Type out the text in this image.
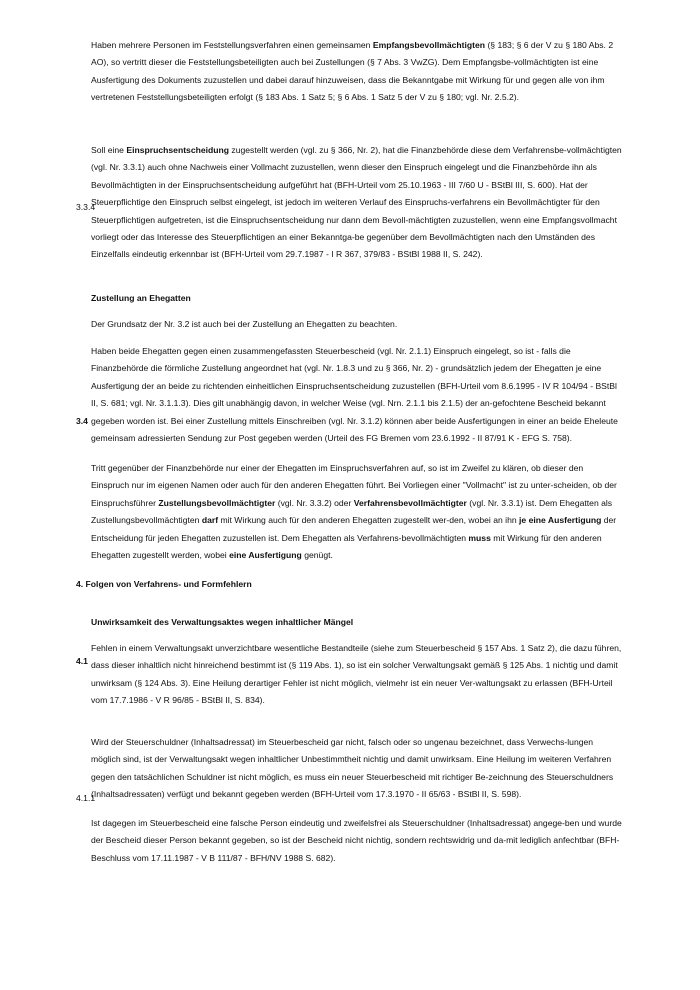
Haben mehrere Personen im Feststellungsverfahren einen gemeinsamen Empfangsbevollmächtigten (§ 183; § 6 der V zu § 180 Abs. 2 AO), so vertritt dieser die Feststellungsbeteiligten auch bei Zustellungen (§ 7 Abs. 3 VwZG). Dem Empfangsbe-vollmächtigten ist eine Ausfertigung des Dokuments zuzustellen und dabei darauf hinzuweisen, dass die Bekanntgabe mit Wirkung für und gegen alle von ihm vertretenen Feststellungsbeteiligten erfolgt (§ 183 Abs. 1 Satz 5; § 6 Abs. 1 Satz 5 der V zu § 180; vgl. Nr. 2.5.2).

3.3.4

Soll eine Einspruchsentscheidung zugestellt werden (vgl. zu § 366, Nr. 2), hat die Finanzbehörde diese dem Verfahrensbe-vollmächtigten (vgl. Nr. 3.3.1) auch ohne Nachweis einer Vollmacht zuzustellen, wenn dieser den Einspruch eingelegt und die Finanzbehörde ihn als Bevollmächtigten in der Einspruchsentscheidung aufgeführt hat (BFH-Urteil vom 25.10.1963 - III 7/60 U - BStBl III, S. 600). Hat der Steuerpflichtige den Einspruch selbst eingelegt, ist jedoch im weiteren Verlauf des Einspruchs-verfahrens ein Bevollmächtigter für den Steuerpflichtigen aufgetreten, ist die Einspruchsentscheidung nur dann dem Bevoll-mächtigten zuzustellen, wenn eine Empfangsvollmacht vorliegt oder das Interesse des Steuerpflichtigen an einer Bekanntga-be gegenüber dem Bevollmächtigten nach den Umständen des Einzelfalls eindeutig erkennbar ist (BFH-Urteil vom 29.7.1987 - I R 367, 379/83 - BStBl 1988 II, S. 242).

Zustellung an Ehegatten

Der Grundsatz der Nr. 3.2 ist auch bei der Zustellung an Ehegatten zu beachten.

3.4

Haben beide Ehegatten gegen einen zusammengefassten Steuerbescheid (vgl. Nr. 2.1.1) Einspruch eingelegt, so ist - falls die Finanzbehörde die förmliche Zustellung angeordnet hat (vgl. Nr. 1.8.3 und zu § 366, Nr. 2) - grundsätzlich jedem der Ehegatten je eine Ausfertigung der an beide zu richtenden einheitlichen Einspruchsentscheidung zuzustellen (BFH-Urteil vom 8.6.1995 - IV R 104/94 - BStBl II, S. 681; vgl. Nr. 3.1.1.3). Dies gilt unabhängig davon, in welcher Weise (vgl. Nrn. 2.1.1 bis 2.1.5) der an-gefochtene Bescheid bekannt gegeben worden ist. Bei einer Zustellung mittels Einschreiben (vgl. Nr. 3.1.2) können aber beide Ausfertigungen in einer an beide Eheleute gemeinsam adressierten Sendung zur Post gegeben werden (Urteil des FG Bremen vom 23.6.1992 - II 87/91 K - EFG S. 758).

Tritt gegenüber der Finanzbehörde nur einer der Ehegatten im Einspruchsverfahren auf, so ist im Zweifel zu klären, ob dieser den Einspruch nur im eigenen Namen oder auch für den anderen Ehegatten führt. Bei Vorliegen einer "Vollmacht" ist zu unter-scheiden, ob der Einspruchsführer Zustellungsbevollmächtigter (vgl. Nr. 3.3.2) oder Verfahrensbevollmächtigter (vgl. Nr. 3.3.1) ist. Dem Ehegatten als Zustellungsbevollmächtigten darf mit Wirkung auch für den anderen Ehegatten zugestellt wer-den, wobei an ihn je eine Ausfertigung der Entscheidung für jeden Ehegatten zuzustellen ist. Dem Ehegatten als Verfahrens-bevollmächtigten muss mit Wirkung für den anderen Ehegatten zugestellt werden, wobei eine Ausfertigung genügt.

4. Folgen von Verfahrens- und Formfehlern

Unwirksamkeit des Verwaltungsaktes wegen inhaltlicher Mängel

4.1

Fehlen in einem Verwaltungsakt unverzichtbare wesentliche Bestandteile (siehe zum Steuerbescheid § 157 Abs. 1 Satz 2), die dazu führen, dass dieser inhaltlich nicht hinreichend bestimmt ist (§ 119 Abs. 1), so ist ein solcher Verwaltungsakt gemäß § 125 Abs. 1 nichtig und damit unwirksam (§ 124 Abs. 3). Eine Heilung derartiger Fehler ist nicht möglich, vielmehr ist ein neuer Ver-waltungsakt zu erlassen (BFH-Urteil vom 17.7.1986 - V R 96/85 - BStBl II, S. 834).

4.1.1

Wird der Steuerschuldner (Inhaltsadressat) im Steuerbescheid gar nicht, falsch oder so ungenau bezeichnet, dass Verwechs-lungen möglich sind, ist der Verwaltungsakt wegen inhaltlicher Unbestimmtheit nichtig und damit unwirksam. Eine Heilung im weiteren Verfahren gegen den tatsächlichen Schuldner ist nicht möglich, es muss ein neuer Steuerbescheid mit richtiger Be-zeichnung des Steuerschuldners (Inhaltsadressaten) verfügt und bekannt gegeben werden (BFH-Urteil vom 17.3.1970 - II 65/63 - BStBl II, S. 598).

Ist dagegen im Steuerbescheid eine falsche Person eindeutig und zweifelsfrei als Steuerschuldner (Inhaltsadressat) angege-ben und wurde der Bescheid dieser Person bekannt gegeben, so ist der Bescheid nicht nichtig, sondern rechtswidrig und da-mit lediglich anfechtbar (BFH-Beschluss vom 17.11.1987 - V B 111/87 - BFH/NV 1988 S. 682).
